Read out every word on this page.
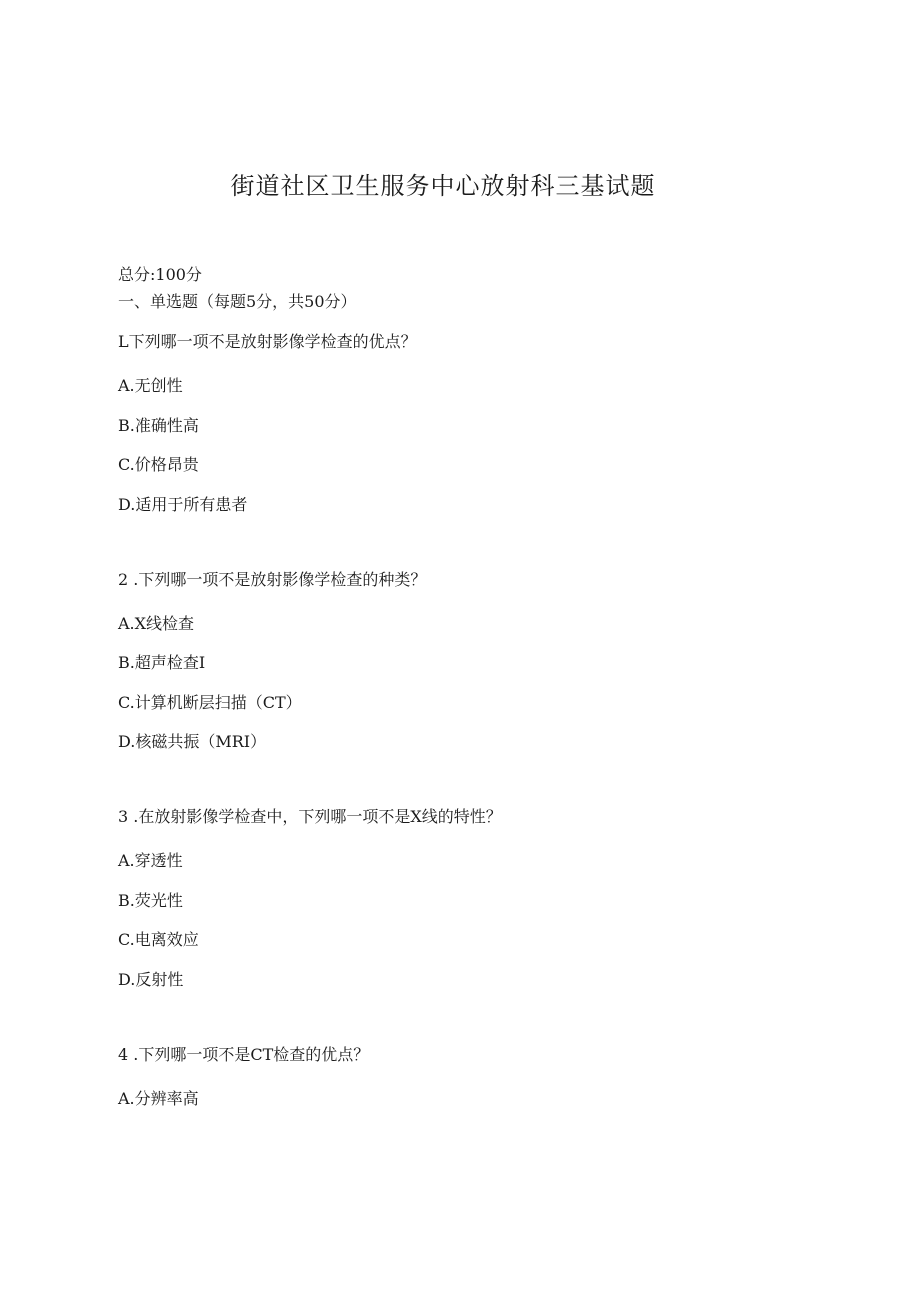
街道社区卫生服务中心放射科三基试题
总分:100分
一、单选题（每题5分，共50分）
L下列哪一项不是放射影像学检查的优点？
A.无创性
B.准确性高
C.价格昂贵
D.适用于所有患者
2 .下列哪一项不是放射影像学检查的种类？
A.X线检查
B.超声检查I
C.计算机断层扫描（CT）
D.核磁共振（MRI）
3 .在放射影像学检查中，下列哪一项不是X线的特性？
A.穿透性
B.荧光性
C.电离效应
D.反射性
4 .下列哪一项不是CT检查的优点？
A.分辨率高
